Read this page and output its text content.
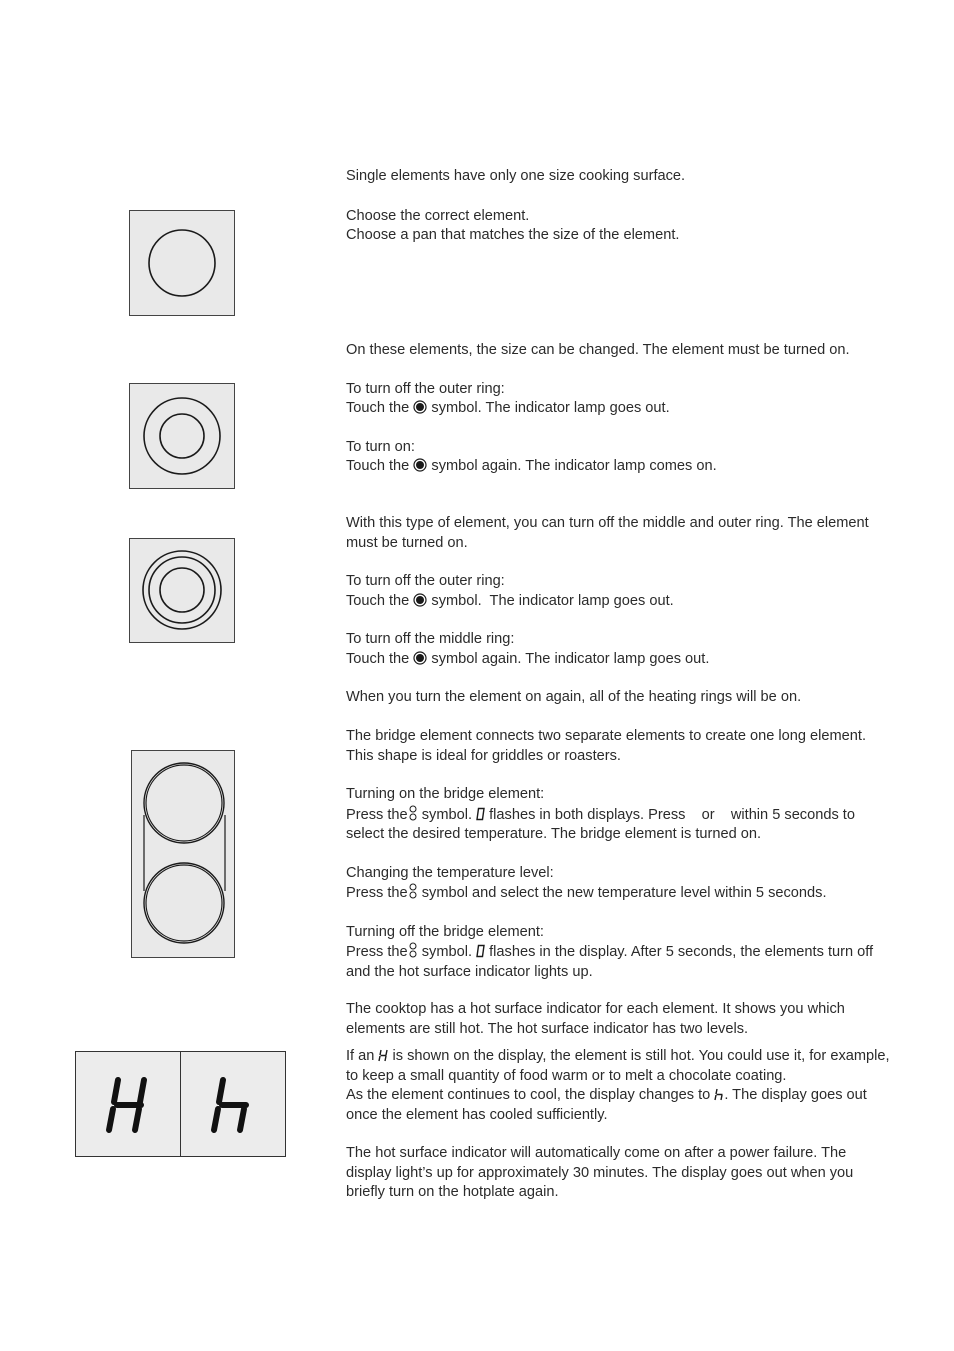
Single elements have only one size cooking surface.
Choose the correct element.
Choose a pan that matches the size of the element.
On these elements, the size can be changed. The element must be turned on.
To turn off the outer ring:
Touch the symbol. The indicator lamp goes out.
To turn on:
Touch the symbol again. The indicator lamp comes on.
With this type of element, you can turn off the middle and outer ring. The element
must be turned on.
To turn off the outer ring:
Touch the symbol.  The indicator lamp goes out.
To turn off the middle ring:
Touch the symbol again. The indicator lamp goes out.
When you turn the element on again, all of the heating rings will be on.
The bridge element connects two separate elements to create one long element.
This shape is ideal for griddles or roasters.
Turning on the bridge element:
Press the symbol. flashes in both displays. Press or within 5 seconds to
select the desired temperature. The bridge element is turned on.
Changing the temperature level:
Press the symbol and select the new temperature level within 5 seconds.
Turning off the bridge element:
Press the symbol. flashes in the display. After 5 seconds, the elements turn off
and the hot surface indicator lights up.
The cooktop has a hot surface indicator for each element. It shows you which
elements are still hot. The hot surface indicator has two levels.
If an is shown on the display, the element is still hot. You could use it, for example,
to keep a small quantity of food warm or to melt a chocolate coating.
As the element continues to cool, the display changes to . The display goes out
once the element has cooled sufficiently.
The hot surface indicator will automatically come on after a power failure. The
display light’s up for approximately 30 minutes. The display goes out when you
briefly turn on the hotplate again.
